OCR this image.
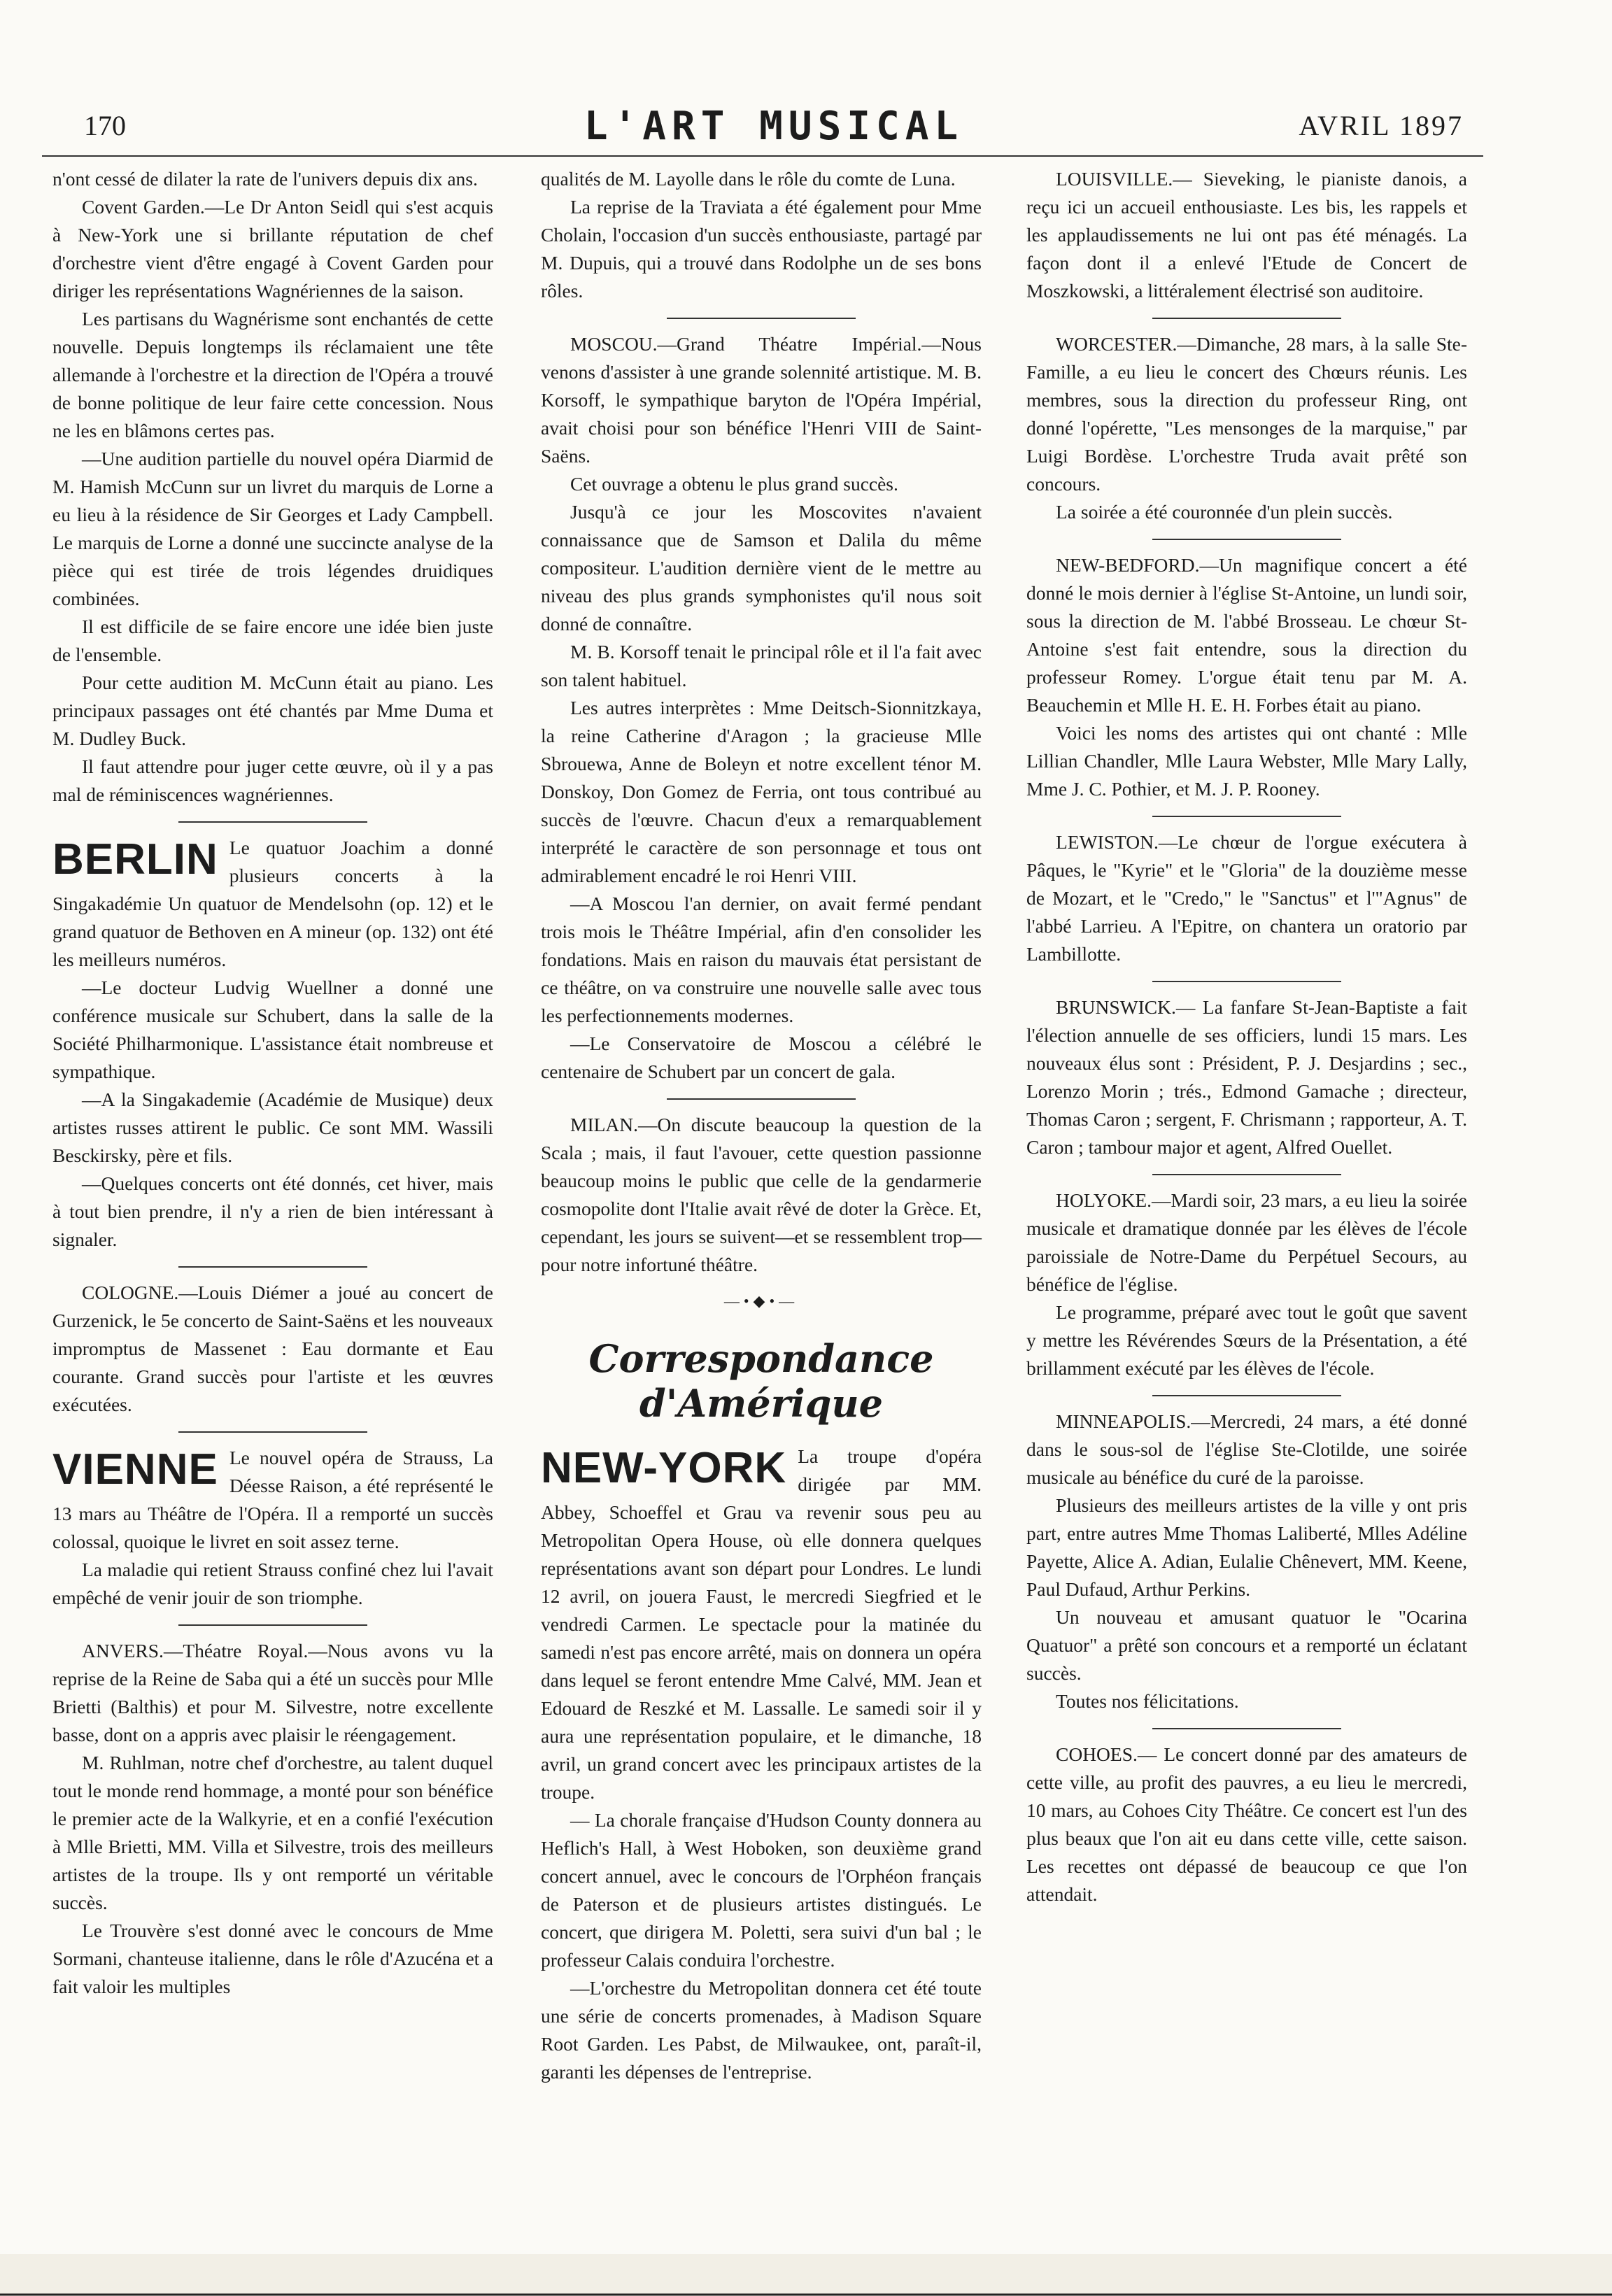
170	L'ART MUSICAL	AVRIL 1897

n'ont cessé de dilater la rate de l'univers depuis dix ans.

Covent Garden.—Le Dr Anton Seidl qui s'est acquis à New-York une si brillante réputation de chef d'orchestre vient d'être engagé à Covent Garden pour diriger les représentations Wagnériennes de la saison.

Les partisans du Wagnérisme sont enchantés de cette nouvelle. Depuis longtemps ils réclamaient une tête allemande à l'orchestre et la direction de l'Opéra a trouvé de bonne politique de leur faire cette concession. Nous ne les en blâmons certes pas.

—Une audition partielle du nouvel opéra Diarmid de M. Hamish McCunn sur un livret du marquis de Lorne a eu lieu à la résidence de Sir Georges et Lady Campbell. Le marquis de Lorne a donné une succincte analyse de la pièce qui est tirée de trois légendes druidiques combinées.

Il est difficile de se faire encore une idée bien juste de l'ensemble.

Pour cette audition M. McCunn était au piano. Les principaux passages ont été chantés par Mme Duma et M. Dudley Buck.

Il faut attendre pour juger cette œuvre, où il y a pas mal de réminiscences wagnériennes.

BERLIN Le quatuor Joachim a donné plusieurs concerts à la Singakadémie Un quatuor de Mendelsohn (op. 12) et le grand quatuor de Bethoven en A mineur (op. 132) ont été les meilleurs numéros.

—Le docteur Ludvig Wuellner a donné une conférence musicale sur Schubert, dans la salle de la Société Philharmonique. L'assistance était nombreuse et sympathique.

—A la Singakademie (Académie de Musique) deux artistes russes attirent le public. Ce sont MM. Wassili Besckirsky, père et fils.

—Quelques concerts ont été donnés, cet hiver, mais à tout bien prendre, il n'y a rien de bien intéressant à signaler.

COLOGNE.—Louis Diémer a joué au concert de Gurzenick, le 5e concerto de Saint-Saëns et les nouveaux impromptus de Massenet : Eau dormante et Eau courante. Grand succès pour l'artiste et les œuvres exécutées.

VIENNE Le nouvel opéra de Strauss, La Déesse Raison, a été représenté le 13 mars au Théâtre de l'Opéra. Il a remporté un succès colossal, quoique le livret en soit assez terne.

La maladie qui retient Strauss confiné chez lui l'avait empêché de venir jouir de son triomphe.

ANVERS.—Théatre Royal.—Nous avons vu la reprise de la Reine de Saba qui a été un succès pour Mlle Brietti (Balthis) et pour M. Silvestre, notre excellente basse, dont on a appris avec plaisir le réengagement.

M. Ruhlman, notre chef d'orchestre, au talent duquel tout le monde rend hommage, a monté pour son bénéfice le premier acte de la Walkyrie, et en a confié l'exécution à Mlle Brietti, MM. Villa et Silvestre, trois des meilleurs artistes de la troupe. Ils y ont remporté un véritable succès.

Le Trouvère s'est donné avec le concours de Mme Sormani, chanteuse italienne, dans le rôle d'Azucéna et a fait valoir les multiples

qualités de M. Layolle dans le rôle du comte de Luna.

La reprise de la Traviata a été également pour Mme Cholain, l'occasion d'un succès enthousiaste, partagé par M. Dupuis, qui a trouvé dans Rodolphe un de ses bons rôles.

MOSCOU.—Grand Théatre Impérial.—Nous venons d'assister à une grande solennité artistique. M. B. Korsoff, le sympathique baryton de l'Opéra Impérial, avait choisi pour son bénéfice l'Henri VIII de Saint-Saëns.

Cet ouvrage a obtenu le plus grand succès.

Jusqu'à ce jour les Moscovites n'avaient connaissance que de Samson et Dalila du même compositeur. L'audition dernière vient de le mettre au niveau des plus grands symphonistes qu'il nous soit donné de connaître.

M. B. Korsoff tenait le principal rôle et il l'a fait avec son talent habituel.

Les autres interprètes : Mme Deitsch-Sionnitzkaya, la reine Catherine d'Aragon ; la gracieuse Mlle Sbrouewa, Anne de Boleyn et notre excellent ténor M. Donskoy, Don Gomez de Ferria, ont tous contribué au succès de l'œuvre. Chacun d'eux a remarquablement interprété le caractère de son personnage et tous ont admirablement encadré le roi Henri VIII.

—A Moscou l'an dernier, on avait fermé pendant trois mois le Théâtre Impérial, afin d'en consolider les fondations. Mais en raison du mauvais état persistant de ce théâtre, on va construire une nouvelle salle avec tous les perfectionnements modernes.

—Le Conservatoire de Moscou a célébré le centenaire de Schubert par un concert de gala.

MILAN.—On discute beaucoup la question de la Scala ; mais, il faut l'avouer, cette question passionne beaucoup moins le public que celle de la gendarmerie cosmopolite dont l'Italie avait rêvé de doter la Grèce. Et, cependant, les jours se suivent—et se ressemblent trop—pour notre infortuné théâtre.

—•◆•—
Correspondance d'Amérique

NEW-YORK La troupe d'opéra dirigée par MM. Abbey, Schoeffel et Grau va revenir sous peu au Metropolitan Opera House, où elle donnera quelques représentations avant son départ pour Londres. Le lundi 12 avril, on jouera Faust, le mercredi Siegfried et le vendredi Carmen. Le spectacle pour la matinée du samedi n'est pas encore arrêté, mais on donnera un opéra dans lequel se feront entendre Mme Calvé, MM. Jean et Edouard de Reszké et M. Lassalle. Le samedi soir il y aura une représentation populaire, et le dimanche, 18 avril, un grand concert avec les principaux artistes de la troupe.

— La chorale française d'Hudson County donnera au Heflich's Hall, à West Hoboken, son deuxième grand concert annuel, avec le concours de l'Orphéon français de Paterson et de plusieurs artistes distingués. Le concert, que dirigera M. Poletti, sera suivi d'un bal ; le professeur Calais conduira l'orchestre.

—L'orchestre du Metropolitan donnera cet été toute une série de concerts promenades, à Madison Square Root Garden. Les Pabst, de Milwaukee, ont, paraît-il, garanti les dépenses de l'entreprise.

LOUISVILLE.— Sieveking, le pianiste danois, a reçu ici un accueil enthousiaste. Les bis, les rappels et les applaudissements ne lui ont pas été ménagés. La façon dont il a enlevé l'Etude de Concert de Moszkowski, a littéralement électrisé son auditoire.

WORCESTER.—Dimanche, 28 mars, à la salle Ste-Famille, a eu lieu le concert des Chœurs réunis. Les membres, sous la direction du professeur Ring, ont donné l'opérette, "Les mensonges de la marquise," par Luigi Bordèse. L'orchestre Truda avait prêté son concours.

La soirée a été couronnée d'un plein succès.

NEW-BEDFORD.—Un magnifique concert a été donné le mois dernier à l'église St-Antoine, un lundi soir, sous la direction de M. l'abbé Brosseau. Le chœur St-Antoine s'est fait entendre, sous la direction du professeur Romey. L'orgue était tenu par M. A. Beauchemin et Mlle H. E. H. Forbes était au piano.

Voici les noms des artistes qui ont chanté : Mlle Lillian Chandler, Mlle Laura Webster, Mlle Mary Lally, Mme J. C. Pothier, et M. J. P. Rooney.

LEWISTON.—Le chœur de l'orgue exécutera à Pâques, le "Kyrie" et le "Gloria" de la douzième messe de Mozart, et le "Credo," le "Sanctus" et l'"Agnus" de l'abbé Larrieu. A l'Epitre, on chantera un oratorio par Lambillotte.

BRUNSWICK.— La fanfare St-Jean-Baptiste a fait l'élection annuelle de ses officiers, lundi 15 mars. Les nouveaux élus sont : Président, P. J. Desjardins ; sec., Lorenzo Morin ; trés., Edmond Gamache ; directeur, Thomas Caron ; sergent, F. Chrismann ; rapporteur, A. T. Caron ; tambour major et agent, Alfred Ouellet.

HOLYOKE.—Mardi soir, 23 mars, a eu lieu la soirée musicale et dramatique donnée par les élèves de l'école paroissiale de Notre-Dame du Perpétuel Secours, au bénéfice de l'église.

Le programme, préparé avec tout le goût que savent y mettre les Révérendes Sœurs de la Présentation, a été brillamment exécuté par les élèves de l'école.

MINNEAPOLIS.—Mercredi, 24 mars, a été donné dans le sous-sol de l'église Ste-Clotilde, une soirée musicale au bénéfice du curé de la paroisse.

Plusieurs des meilleurs artistes de la ville y ont pris part, entre autres Mme Thomas Laliberté, Mlles Adéline Payette, Alice A. Adian, Eulalie Chênevert, MM. Keene, Paul Dufaud, Arthur Perkins.

Un nouveau et amusant quatuor le "Ocarina Quatuor" a prêté son concours et a remporté un éclatant succès.

Toutes nos félicitations.

COHOES.— Le concert donné par des amateurs de cette ville, au profit des pauvres, a eu lieu le mercredi, 10 mars, au Cohoes City Théâtre. Ce concert est l'un des plus beaux que l'on ait eu dans cette ville, cette saison. Les recettes ont dépassé de beaucoup ce que l'on attendait.
